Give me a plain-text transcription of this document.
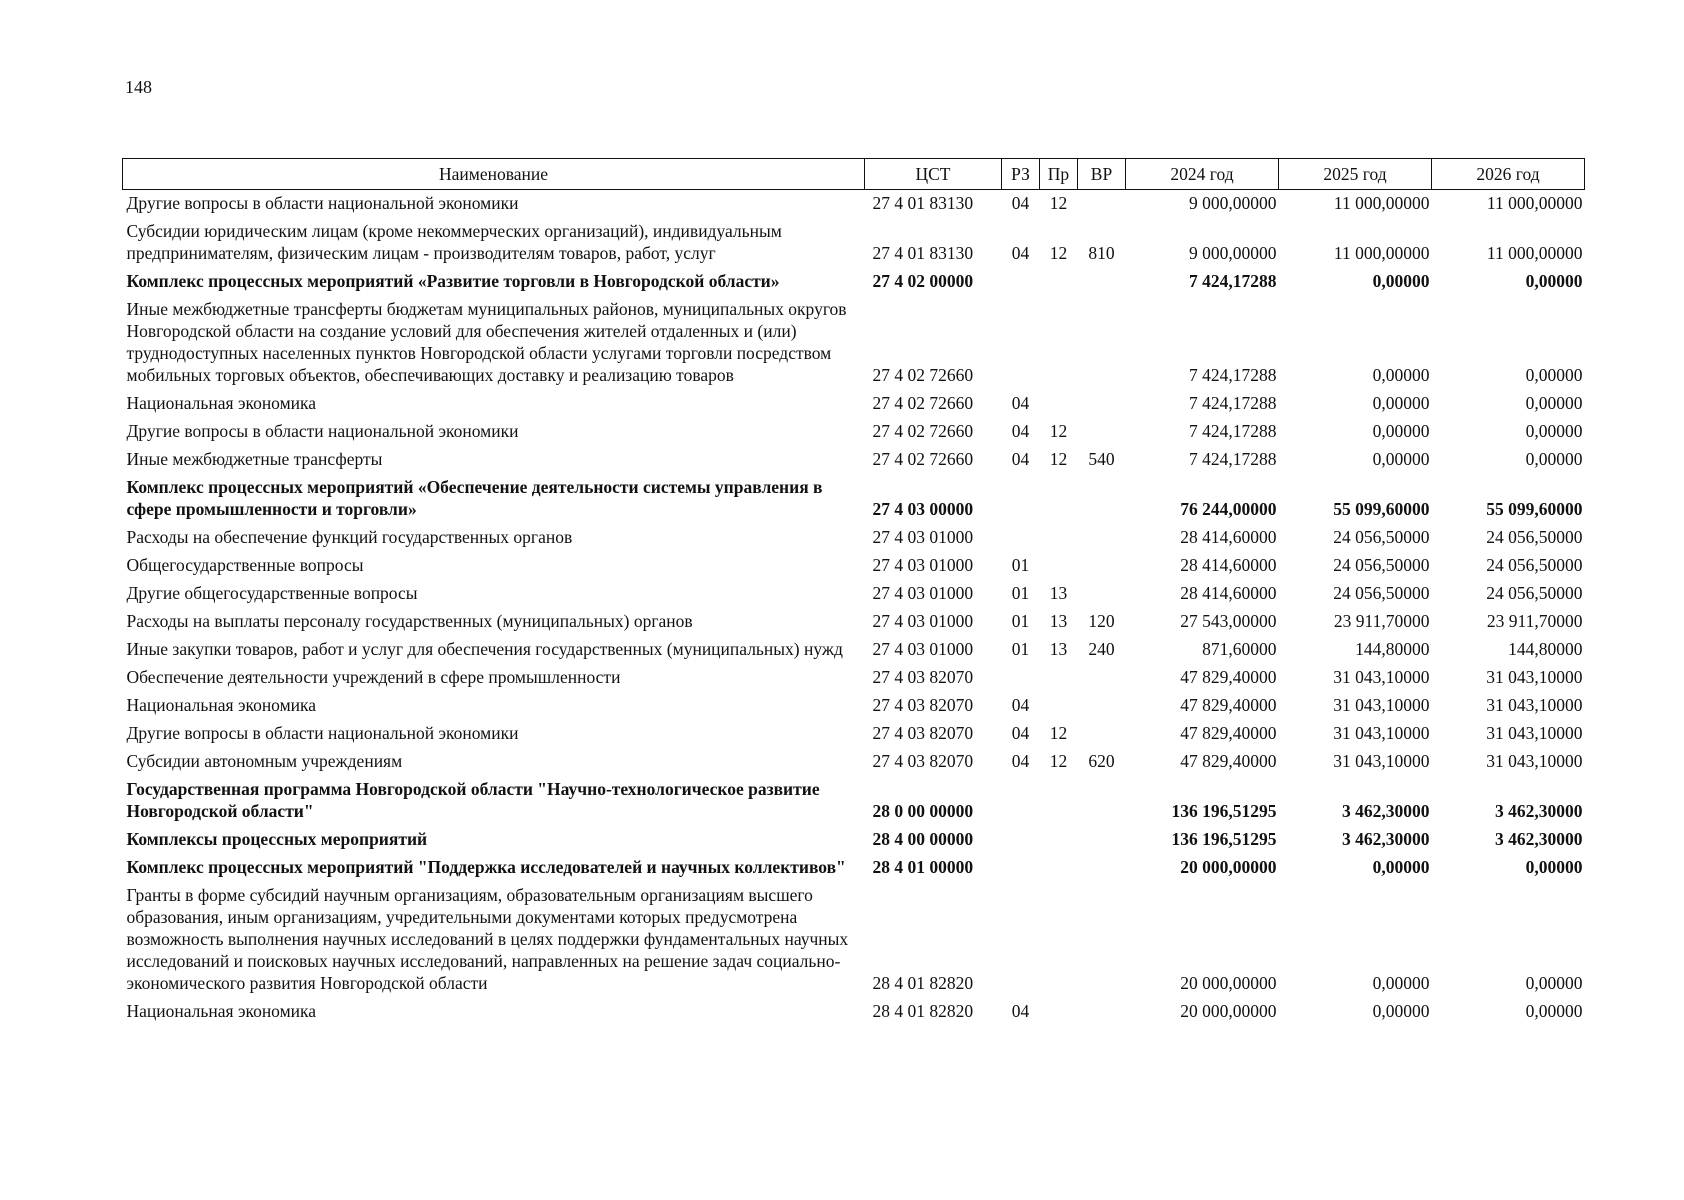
148
Наименование	ЦСТ	РЗ	Пр	ВР	2024 год	2025 год	2026 год
Другие вопросы в области национальной экономики	27 4 01 83130	04	12		9 000,00000	11 000,00000	11 000,00000
Субсидии юридическим лицам (кроме некоммерческих организаций), индивидуальным предпринимателям, физическим лицам - производителям товаров, работ, услуг	27 4 01 83130	04	12	810	9 000,00000	11 000,00000	11 000,00000
Комплекс процессных мероприятий «Развитие торговли в Новгородской области»	27 4 02 00000				7 424,17288	0,00000	0,00000
Иные межбюджетные трансферты бюджетам муниципальных районов, муниципальных округов Новгородской области на создание условий для обеспечения жителей отдаленных и (или) труднодоступных населенных пунктов Новгородской области услугами торговли посредством мобильных торговых объектов, обеспечивающих доставку и реализацию товаров	27 4 02 72660				7 424,17288	0,00000	0,00000
Национальная экономика	27 4 02 72660	04			7 424,17288	0,00000	0,00000
Другие вопросы в области национальной экономики	27 4 02 72660	04	12		7 424,17288	0,00000	0,00000
Иные межбюджетные трансферты	27 4 02 72660	04	12	540	7 424,17288	0,00000	0,00000
Комплекс процессных мероприятий «Обеспечение деятельности системы управления в сфере промышленности и торговли»	27 4 03 00000				76 244,00000	55 099,60000	55 099,60000
Расходы на обеспечение функций государственных органов	27 4 03 01000				28 414,60000	24 056,50000	24 056,50000
Общегосударственные вопросы	27 4 03 01000	01			28 414,60000	24 056,50000	24 056,50000
Другие общегосударственные вопросы	27 4 03 01000	01	13		28 414,60000	24 056,50000	24 056,50000
Расходы на выплаты персоналу государственных (муниципальных) органов	27 4 03 01000	01	13	120	27 543,00000	23 911,70000	23 911,70000
Иные закупки товаров, работ и услуг для обеспечения государственных (муниципальных) нужд	27 4 03 01000	01	13	240	871,60000	144,80000	144,80000
Обеспечение деятельности учреждений в сфере промышленности	27 4 03 82070				47 829,40000	31 043,10000	31 043,10000
Национальная экономика	27 4 03 82070	04			47 829,40000	31 043,10000	31 043,10000
Другие вопросы в области национальной экономики	27 4 03 82070	04	12		47 829,40000	31 043,10000	31 043,10000
Субсидии автономным учреждениям	27 4 03 82070	04	12	620	47 829,40000	31 043,10000	31 043,10000
Государственная программа Новгородской области "Научно-технологическое развитие Новгородской области"	28 0 00 00000				136 196,51295	3 462,30000	3 462,30000
Комплексы процессных мероприятий	28 4 00 00000				136 196,51295	3 462,30000	3 462,30000
Комплекс процессных мероприятий "Поддержка исследователей и научных коллективов"	28 4 01 00000				20 000,00000	0,00000	0,00000
Гранты в форме субсидий научным организациям, образовательным организациям высшего образования, иным организациям, учредительными документами которых предусмотрена возможность выполнения научных исследований в целях поддержки фундаментальных научных исследований и поисковых научных исследований, направленных на решение задач социально-экономического развития Новгородской области	28 4 01 82820				20 000,00000	0,00000	0,00000
Национальная экономика	28 4 01 82820	04			20 000,00000	0,00000	0,00000
